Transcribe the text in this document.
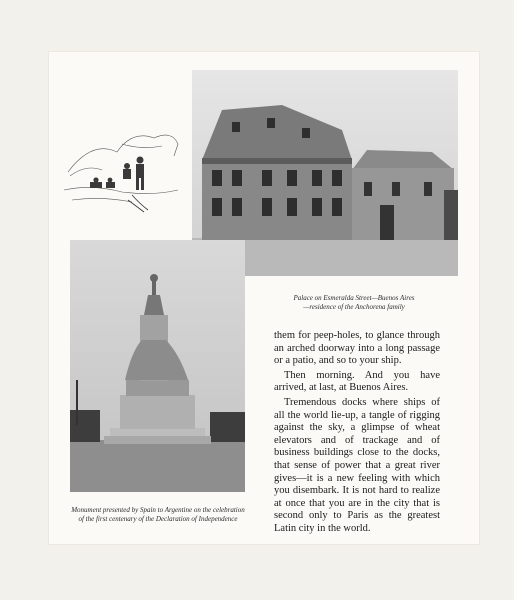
Palace on Esmeralda Street—Buenos Aires
—residence of the Anchorena family
Monument presented by Spain to Argentine on the celebration
of the first centenary of the Declaration of Independence

them for peep-holes, to glance through an arched doorway into a long passage or a patio, and so to your ship.

Then morning. And you have arrived, at last, at Buenos Aires.

Tremendous docks where ships of all the world lie-up, a tangle of rigging against the sky, a glimpse of wheat elevators and of trackage and of business buildings close to the docks, that sense of power that a great river gives—it is a new feeling with which you disembark. It is not hard to realize at once that you are in the city that is second only to Paris as the greatest Latin city in the world.
